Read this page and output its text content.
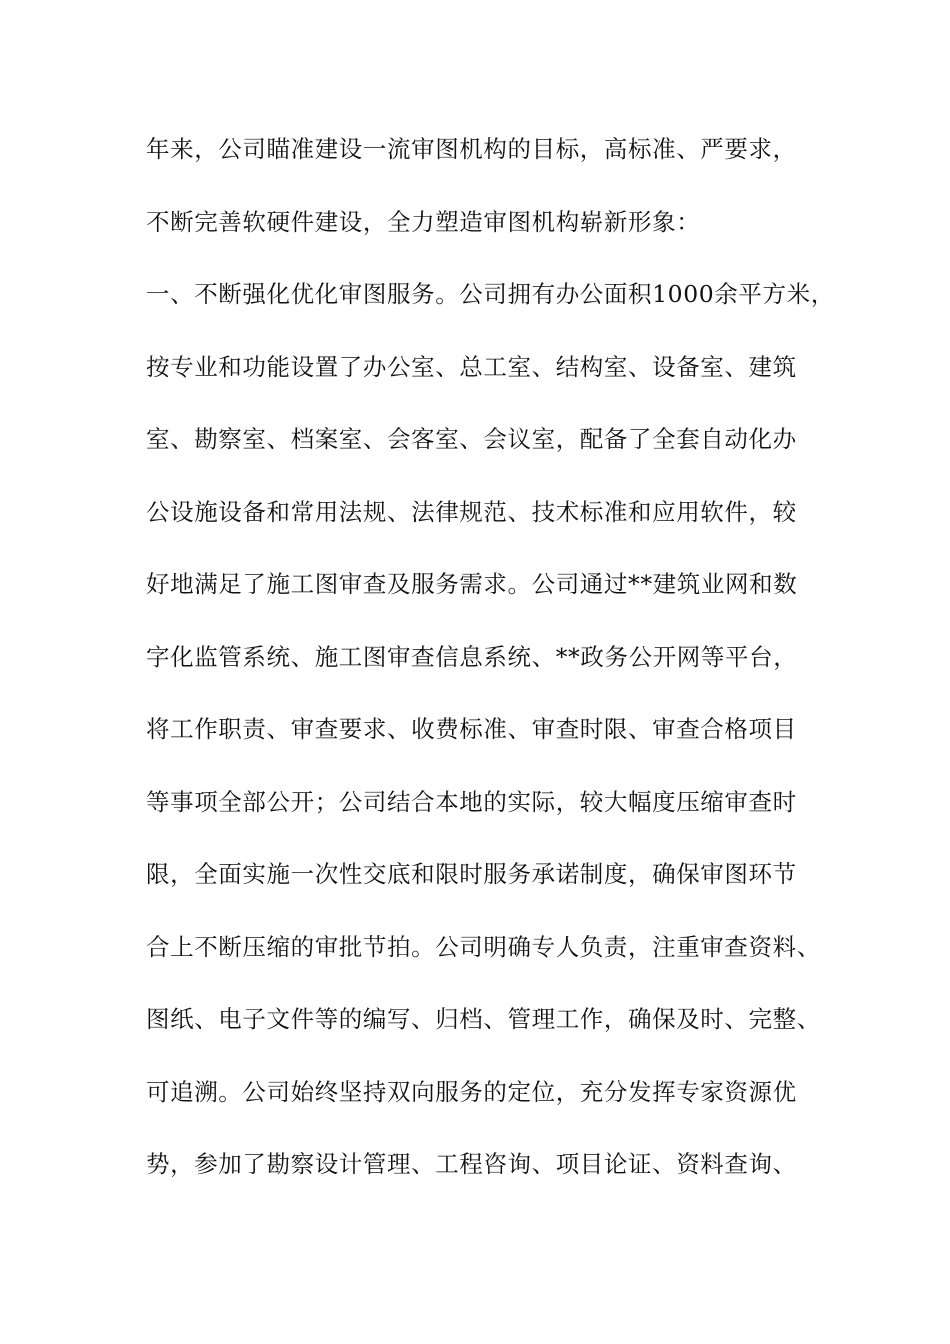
年来，公司瞄准建设一流审图机构的目标，高标准、严要求，
不断完善软硬件建设，全力塑造审图机构崭新形象：
一、不断强化优化审图服务。公司拥有办公面积1000余平方米，
按专业和功能设置了办公室、总工室、结构室、设备室、建筑
室、勘察室、档案室、会客室、会议室，配备了全套自动化办
公设施设备和常用法规、法律规范、技术标准和应用软件，较
好地满足了施工图审查及服务需求。公司通过**建筑业网和数
字化监管系统、施工图审查信息系统、**政务公开网等平台，
将工作职责、审查要求、收费标准、审查时限、审查合格项目
等事项全部公开；公司结合本地的实际，较大幅度压缩审查时
限，全面实施一次性交底和限时服务承诺制度，确保审图环节
合上不断压缩的审批节拍。公司明确专人负责，注重审查资料、
图纸、电子文件等的编写、归档、管理工作，确保及时、完整、
可追溯。公司始终坚持双向服务的定位，充分发挥专家资源优
势，参加了勘察设计管理、工程咨询、项目论证、资料查询、
